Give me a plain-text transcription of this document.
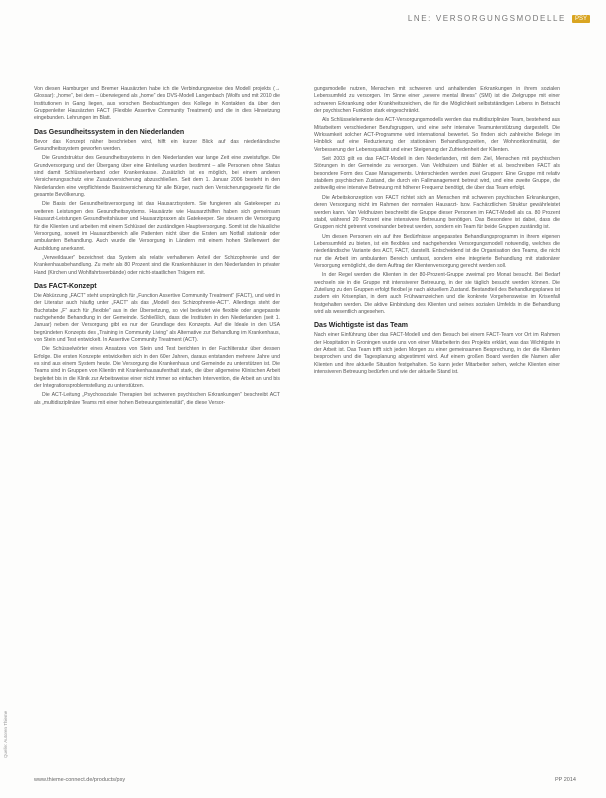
LNE: VERSORGUNGSMODELLE	PSY

Von diesen Hamburger und Bremer Hausärzten habe ich die Verbindungsweise des Modell projekts (→ Glossar): „home“, bei dem – überwiegend als „home“ des DVS-Modell Langenbach (Wolfs und mit 2010 die Institutionen in Gang liegen, aus vorschen Beobachtungen des Kollege in Kontakten da über den Gruppenleiter Hausärzten FACT (Flexible Assertive Community Treatment) und die in dies Hinsetzung eingebunden. Lehrungen im Blatt.

Das Gesundheitssystem in den Niederlanden

Bevor das Konzept näher beschrieben wird, hilft ein kurzer Blick auf das niederländische Gesundheitssystem geworfen werden.

Die Grundstruktur des Gesundheitssystems in den Niederlanden war lange Zeit eine zweistufige. Die Grundversorgung und der Übergang über eine Einteilung wurden bestimmt – alle Personen ohne Status sind damit Schlüsselverband oder Krankenkasse. Zusätzlich ist es möglich, bei einem anderen Versicherungsschutz eine Zusatzversicherung abzuschließen. Seit dem 1. Januar 2006 besteht in den Niederlanden eine verpflichtende Basisversicherung für alle Bürger, nach den Versicherungsgesetz für die gesamte Bevölkerung.

Die Basis der Gesundheitsversorgung ist das Hausarztsystem. Sie fungieren als Gatekeeper zu weiteren Leistungen des Gesundheitssystems. Hausärzte wie Hausarzthilfen haben sich gemeinsam Hausarzt-Leistungen Gesundheitshäuser und Hausarztpraxen als Gatekeeper. Sie steuern die Versorgung für die Klienten und arbeiten mit einem Schlüssel der zuständigen Hauptversorgung. Somit ist die häusliche Versorgung, soweit im Hausarztbereich alle Patienten nicht über die Ersten am Notfall stationär oder ambulanten Behandlung. Auch wurde die Versorgung in Ländern mit einem hohen Stellenwert der Ausbildung anerkannt.

„Verweildauer“ bezeichnet das System als relativ verhaltenen Anteil der Schizophrenie und der Krankenhausbehandlung. Zu mehr als 80 Prozent sind die Krankenhäuser in den Niederlanden in privater Hand (Kirchen und Wohlfahrtsverbände) oder nicht-staatlichen Trägern mit.

Das FACT-Konzept

Die Abkürzung „FACT“ steht ursprünglich für „Function Assertive Community Treatment“ (FACT), und wird in der Literatur auch häufig unter „FACT“ als das „Modell des Schizophrenie-ACT“. Allerdings steht der Buchstabe „F“ auch für „flexible“ aus in der Übersetzung, so viel bedeutet wie flexible oder angepasste nachgehende Behandlung in der Gemeinde. Schließlich, dass die Instituten in den Niederlanden (seit 1. Januar) neben der Versorgung gibt es nur der Grundlage des Konzepts. Auf die Ideale in den USA begründeten Konzepts des „Training in Community Living“ als Alternative zur Behandlung im Krankenhaus, von Stein und Test entwickelt. In Assertive Community Treatment (ACT).

Die Schüsselwörter eines Ansatzes von Stein und Test berichten in der Fachliteratur über dessen Erfolge. Die ersten Konzepte entwickelten sich in den 60er Jahren, daraus entstanden mehrere Jahre und es sind aus einem System heute. Die Versorgung die Krankenhaus und Gemeinde zu unterstützen ist. Die Teams sind in Gruppen von Klientin mit Krankenhausaufenthalt stark, die über allgemeine Klinischen Arbeit begleitet bis in die Klinik zur Arbeitsweise einer nicht immer so einfachen Intervention, die Arbeit an und bis der Integrationsproblemstellung zu unterstützen.

Die ACT-Leitung „Psychosoziale Therapien bei schweren psychischen Erkrankungen“ beschreibt ACT als „multidisziplinäre Teams mit einer hohen Betreuungsintensität“, die diese Versor-

gungsmodelle nutzen, Menschen mit schweren und anhaltenden Erkrankungen in ihrem sozialen Lebensumfeld zu versorgen. Im Sinne einer „severe mental illness“ (SMI) ist die Zielgruppe mit einer schweren Erkrankung oder Krankheitszeichen, die für die Möglichkeit selbstständigen Lebens in Betracht der psychischen Funktion stark eingeschränkt.

Als Schlüsselelemente des ACT-Versorgungsmodells werden das multidisziplinäre Team, bestehend aus Mitarbeitern verschiedener Berufsgruppen, und eine sehr intensive Teamunterstützung dargestellt. Die Wirksamkeit solcher ACT-Programme wird international bewertet. So finden sich zahlreiche Belege im Hinblick auf eine Reduzierung der stationären Behandlungszeiten, der Wohnortkontinuität, der Verbesserung der Lebensqualität und einer Steigerung der Zufriedenheit der Klienten.

Seit 2003 gilt es das FACT-Modell in den Niederlanden, mit dem Ziel, Menschen mit psychischen Störungen in der Gemeinde zu versorgen. Van Veldhuizen und Bähler et al. beschreiben FACT als besondere Form des Case Managements. Unterschieden werden zwei Gruppen: Eine Gruppe mit relativ stabilem psychischen Zustand, die durch ein Fallmanagement betreut wird, und eine zweite Gruppe, die zeitweilig eine intensive Betreuung mit höherer Frequenz benötigt, die über das Team erfolgt.

Die Arbeitskonzeption von FACT richtet sich an Menschen mit schweren psychischen Erkrankungen, deren Versorgung nicht im Rahmen der normalen Hausarzt- bzw. Fachärztlichen Struktur gewährleistet werden kann. Van Veldhuizen beschreibt die Gruppe dieser Personen im FACT-Modell als ca. 80 Prozent stabil, während 20 Prozent eine intensivere Betreuung benötigen. Das Besondere ist dabei, dass die Gruppen nicht getrennt voneinander betreut werden, sondern ein Team für beide Gruppen zuständig ist.

Um diesen Personen ein auf ihre Bedürfnisse angepasstes Behandlungsprogramm in ihrem eigenen Lebensumfeld zu bieten, ist ein flexibles und nachgehendes Versorgungsmodell notwendig, welches die niederländische Variante des ACT, FACT, darstellt. Entscheidend ist die Organisation des Teams, die nicht nur die Arbeit im ambulanten Bereich umfasst, sondern eine integrierte Behandlung mit stationärer Versorgung ermöglicht, die dem Auftrag der Klientenversorgung gerecht werden soll.

In der Regel werden die Klienten in der 80-Prozent-Gruppe zweimal pro Monat besucht. Bei Bedarf wechseln sie in die Gruppe mit intensiverer Betreuung, in der sie täglich besucht werden können. Die Zuteilung zu den Gruppen erfolgt flexibel je nach aktuellem Zustand. Bestandteil des Behandlungsplanes ist zudem ein Krisenplan, in dem auch Frühwarnzeichen und die konkrete Vorgehensweise im Krisenfall festgehalten werden. Die aktive Einbindung des Klienten und seines sozialen Umfelds in die Behandlung wird als wesentlich angesehen.

Das Wichtigste ist das Team

Nach einer Einführung über das FACT-Modell und den Besuch bei einem FACT-Team vor Ort im Rahmen der Hospitation in Groningen wurde uns von einer Mitarbeiterin des Projekts erklärt, was das Wichtigste in der Arbeit ist. Das Team trifft sich jeden Morgen zu einer gemeinsamen Besprechung, in der die Klienten besprochen und die Tagesplanung abgestimmt wird. Auf einem großen Board werden die Namen aller Klienten und ihre aktuelle Situation festgehalten. So kann jeder Mitarbeiter sehen, welche Klienten einer intensiveren Betreuung bedürfen und wie der aktuelle Stand ist.

Quelle: Autoren Thieme
www.thieme-connect.de/products/psy	PP 2014
